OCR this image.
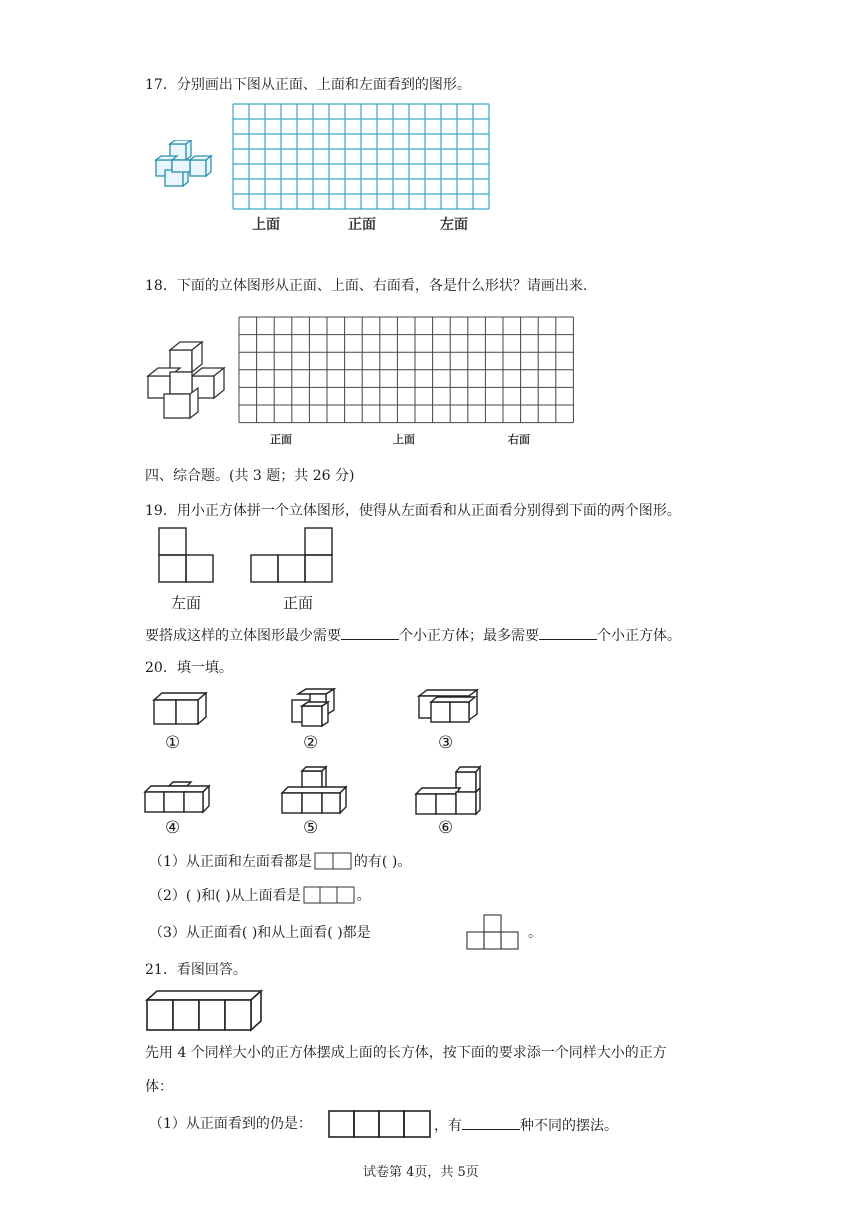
17．分别画出下图从正面、上面和左面看到的图形。
上面	正面	左面
18．下面的立体图形从正面、上面、右面看，各是什么形状？请画出来.
正面	上面	右面
四、综合题。(共 3 题；共 26 分)
19．用小正方体拼一个立体图形，使得从左面看和从正面看分别得到下面的两个图形。
左面	正面
要搭成这样的立体图形最少需要	个小正方体；最多需要	个小正方体。
20．填一填。
①	②	③
④	⑤	⑥
（1）从正面和左面看都是	的有( )。
（2）( )和( )从上面看是	。
（3）从正面看( )和从上面看( )都是	。
21．看图回答。
先用 4 个同样大小的正方体摆成上面的长方体，按下面的要求添一个同样大小的正方
体：
（1）从正面看到的仍是：	，有	种不同的摆法。
试卷第 4页，共 5页
